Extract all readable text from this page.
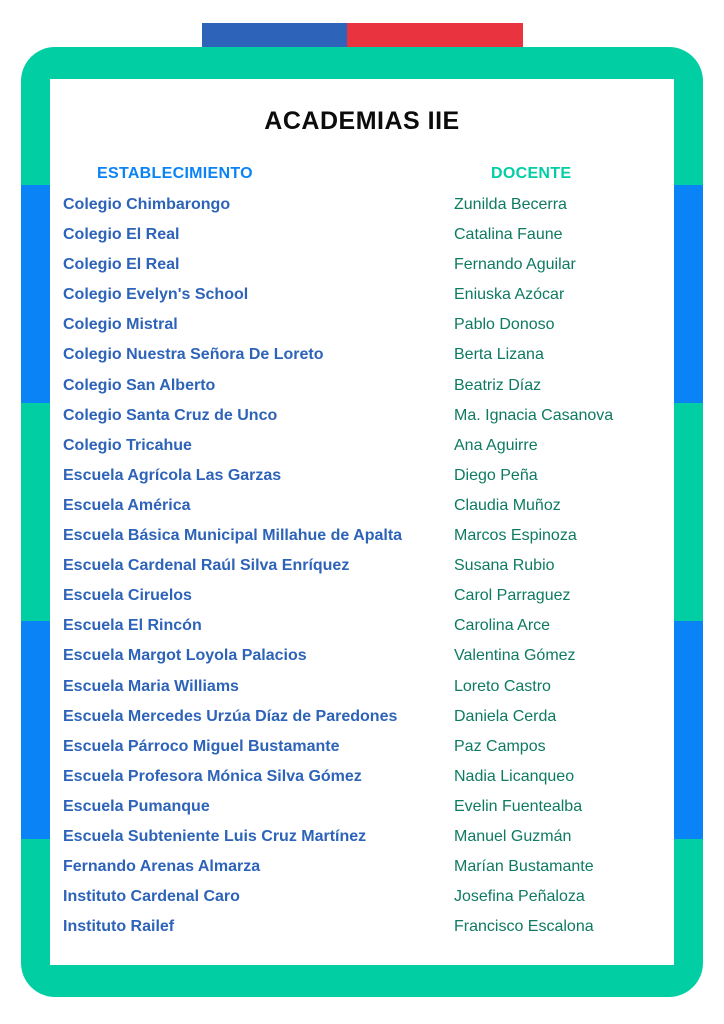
ACADEMIAS IIE
ESTABLECIMIENTO	DOCENTE
Colegio Chimbarongo	Zunilda Becerra
Colegio El Real	Catalina Faune
Colegio El Real	Fernando Aguilar
Colegio Evelyn's School	Eniuska Azócar
Colegio Mistral	Pablo Donoso
Colegio Nuestra Señora De Loreto	Berta Lizana
Colegio San Alberto	Beatriz Díaz
Colegio Santa Cruz de Unco	Ma. Ignacia Casanova
Colegio Tricahue	Ana Aguirre
Escuela Agrícola Las Garzas	Diego Peña
Escuela América	Claudia Muñoz
Escuela Básica Municipal Millahue de Apalta	Marcos Espinoza
Escuela Cardenal Raúl Silva Enríquez	Susana Rubio
Escuela Ciruelos	Carol Parraguez
Escuela El Rincón	Carolina Arce
Escuela Margot Loyola Palacios	Valentina Gómez
Escuela Maria Williams	Loreto Castro
Escuela Mercedes Urzúa Díaz de Paredones	Daniela Cerda
Escuela Párroco Miguel Bustamante	Paz Campos
Escuela Profesora Mónica Silva Gómez	Nadia Licanqueo
Escuela Pumanque	Evelin Fuentealba
Escuela Subteniente Luis Cruz Martínez	Manuel Guzmán
Fernando Arenas Almarza	Marían Bustamante
Instituto Cardenal Caro	Josefina Peñaloza
Instituto Railef	Francisco Escalona
